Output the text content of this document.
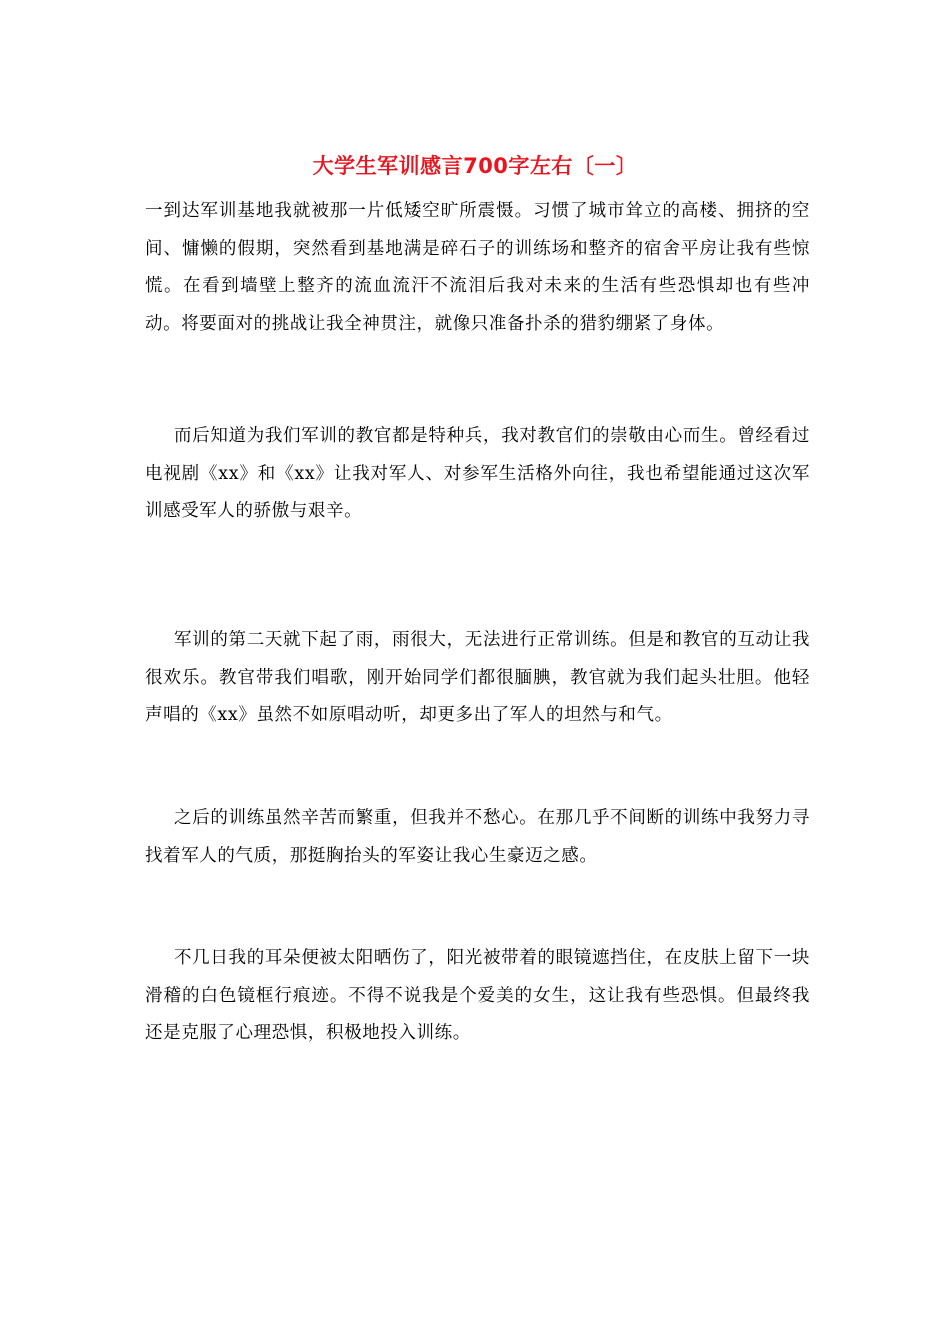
大学生军训感言700字左右〔一〕
一到达军训基地我就被那一片低矮空旷所震慑。习惯了城市耸立的高楼、拥挤的空间、慵懒的假期，突然看到基地满是碎石子的训练场和整齐的宿舍平房让我有些惊慌。在看到墙壁上整齐的流血流汗不流泪后我对未来的生活有些恐惧却也有些冲动。将要面对的挑战让我全神贯注，就像只准备扑杀的猎豹绷紧了身体。
而后知道为我们军训的教官都是特种兵，我对教官们的崇敬由心而生。曾经看过电视剧《xx》和《xx》让我对军人、对参军生活格外向往，我也希望能通过这次军训感受军人的骄傲与艰辛。
军训的第二天就下起了雨，雨很大，无法进行正常训练。但是和教官的互动让我很欢乐。教官带我们唱歌，刚开始同学们都很腼腆，教官就为我们起头壮胆。他轻声唱的《xx》虽然不如原唱动听，却更多出了军人的坦然与和气。
之后的训练虽然辛苦而繁重，但我并不愁心。在那几乎不间断的训练中我努力寻找着军人的气质，那挺胸抬头的军姿让我心生豪迈之感。
不几日我的耳朵便被太阳晒伤了，阳光被带着的眼镜遮挡住，在皮肤上留下一块滑稽的白色镜框行痕迹。不得不说我是个爱美的女生，这让我有些恐惧。但最终我还是克服了心理恐惧，积极地投入训练。
